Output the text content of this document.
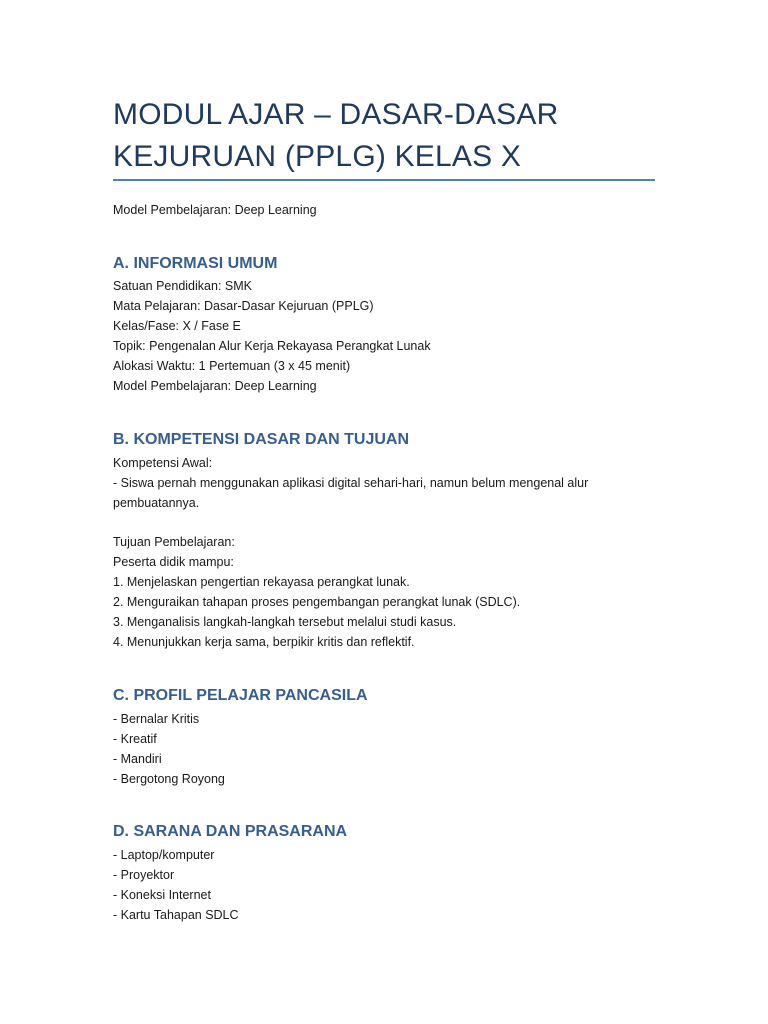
MODUL AJAR – DASAR-DASAR
KEJURUAN (PPLG) KELAS X

Model Pembelajaran: Deep Learning

A. INFORMASI UMUM

Satuan Pendidikan: SMK

Mata Pelajaran: Dasar-Dasar Kejuruan (PPLG)

Kelas/Fase: X / Fase E

Topik: Pengenalan Alur Kerja Rekayasa Perangkat Lunak

Alokasi Waktu: 1 Pertemuan (3 x 45 menit)

Model Pembelajaran: Deep Learning

B. KOMPETENSI DASAR DAN TUJUAN

Kompetensi Awal:

- Siswa pernah menggunakan aplikasi digital sehari-hari, namun belum mengenal alur

pembuatannya.

Tujuan Pembelajaran:

Peserta didik mampu:

1. Menjelaskan pengertian rekayasa perangkat lunak.

2. Menguraikan tahapan proses pengembangan perangkat lunak (SDLC).

3. Menganalisis langkah-langkah tersebut melalui studi kasus.

4. Menunjukkan kerja sama, berpikir kritis dan reflektif.

C. PROFIL PELAJAR PANCASILA

- Bernalar Kritis

- Kreatif

- Mandiri

- Bergotong Royong

D. SARANA DAN PRASARANA

- Laptop/komputer

- Proyektor

- Koneksi Internet

- Kartu Tahapan SDLC
